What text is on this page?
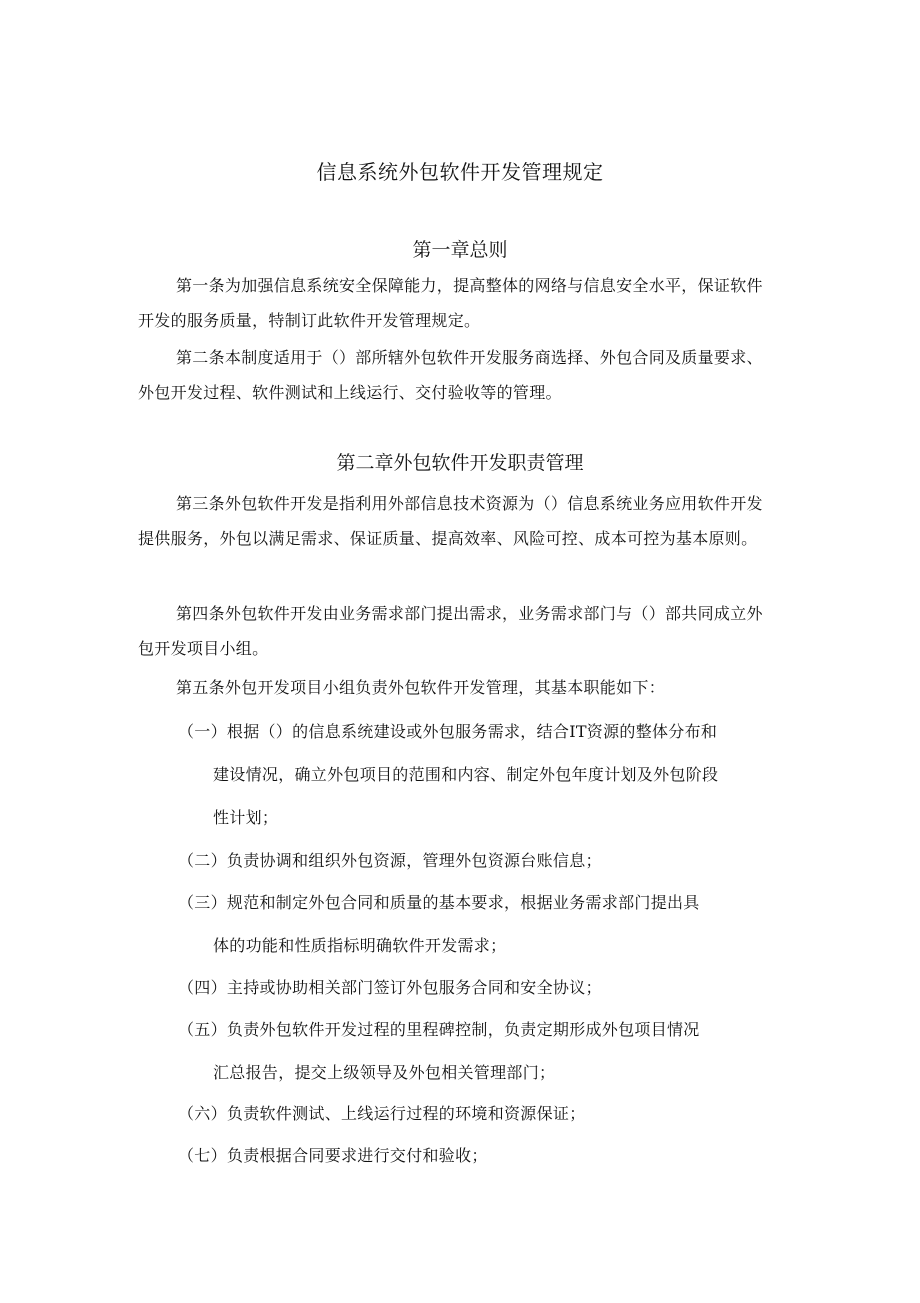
信息系统外包软件开发管理规定
第一章总则
第一条为加强信息系统安全保障能力，提高整体的网络与信息安全水平，保证软件开发的服务质量，特制订此软件开发管理规定。
第二条本制度适用于（）部所辖外包软件开发服务商选择、外包合同及质量要求、外包开发过程、软件测试和上线运行、交付验收等的管理。
第二章外包软件开发职责管理
第三条外包软件开发是指利用外部信息技术资源为（）信息系统业务应用软件开发提供服务，外包以满足需求、保证质量、提高效率、风险可控、成本可控为基本原则。
第四条外包软件开发由业务需求部门提出需求，业务需求部门与（）部共同成立外包开发项目小组。
第五条外包开发项目小组负责外包软件开发管理，其基本职能如下：
（一）根据（）的信息系统建设或外包服务需求，结合IT资源的整体分布和
建设情况，确立外包项目的范围和内容、制定外包年度计划及外包阶段
性计划；
（二）负责协调和组织外包资源，管理外包资源台账信息；
（三）规范和制定外包合同和质量的基本要求，根据业务需求部门提出具
体的功能和性质指标明确软件开发需求；
（四）主持或协助相关部门签订外包服务合同和安全协议；
（五）负责外包软件开发过程的里程碑控制，负责定期形成外包项目情况
汇总报告，提交上级领导及外包相关管理部门；
（六）负责软件测试、上线运行过程的环境和资源保证；
（七）负责根据合同要求进行交付和验收；
